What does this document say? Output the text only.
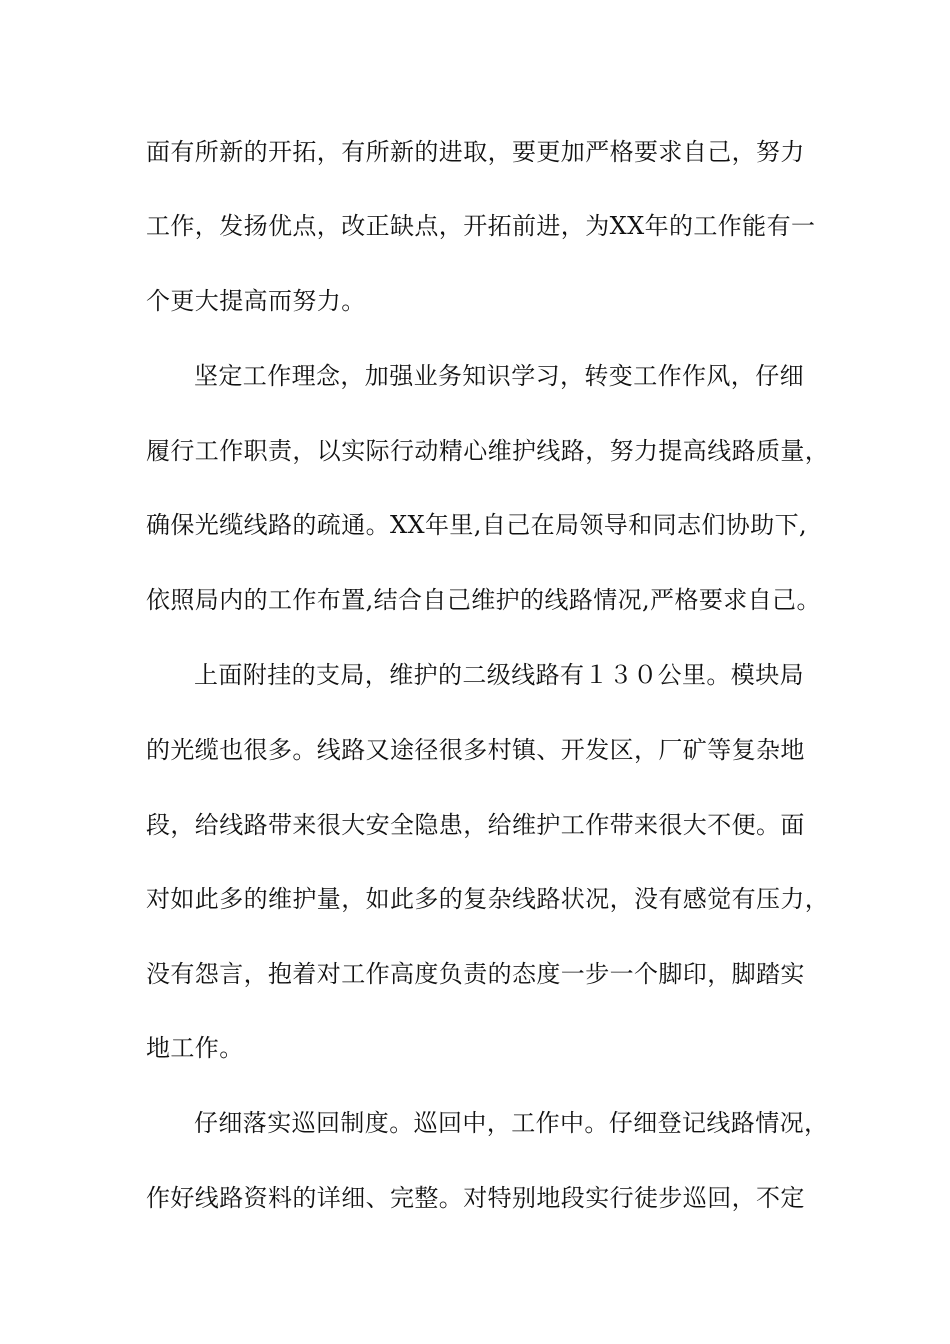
面有所新的开拓，有所新的进取，要更加严格要求自己，努力
工作，发扬优点，改正缺点，开拓前进，为XX年的工作能有一
个更大提高而努力。
坚定工作理念，加强业务知识学习，转变工作作风，仔细
履行工作职责，以实际行动精心维护线路，努力提高线路质量，
确保光缆线路的疏通。XX年里,自己在局领导和同志们协助下,
依照局内的工作布置,结合自己维护的线路情况,严格要求自己。
上面附挂的支局，维护的二级线路有１３０公里。模块局
的光缆也很多。线路又途径很多村镇、开发区，厂矿等复杂地
段，给线路带来很大安全隐患，给维护工作带来很大不便。面
对如此多的维护量，如此多的复杂线路状况，没有感觉有压力，
没有怨言，抱着对工作高度负责的态度一步一个脚印，脚踏实
地工作。
仔细落实巡回制度。巡回中，工作中。仔细登记线路情况，
作好线路资料的详细、完整。对特别地段实行徒步巡回，不定
